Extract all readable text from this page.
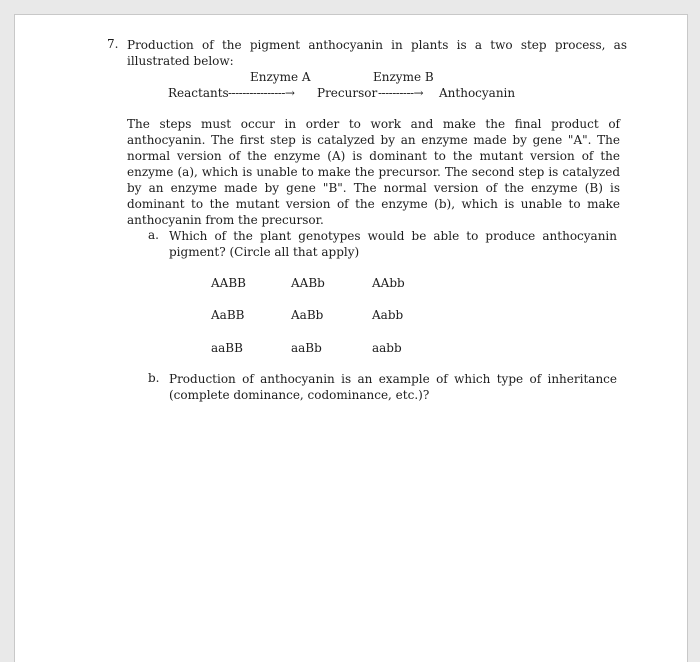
7. Production of the pigment anthocyanin in plants is a two step process, as illustrated below:
Enzyme A	Enzyme B
Reactants ----------------→ Precursor ----------→ Anthocyanin
The steps must occur in order to work and make the final product of anthocyanin. The first step is catalyzed by an enzyme made by gene "A". The normal version of the enzyme (A) is dominant to the mutant version of the enzyme (a), which is unable to make the precursor. The second step is catalyzed by an enzyme made by gene "B". The normal version of the enzyme (B) is dominant to the mutant version of the enzyme (b), which is unable to make anthocyanin from the precursor.
a. Which of the plant genotypes would be able to produce anthocyanin pigment? (Circle all that apply)
AABB	AABb	AAbb
AaBB	AaBb	Aabb
aaBB	aaBb	aabb
b. Production of anthocyanin is an example of which type of inheritance (complete dominance, codominance, etc.)?
